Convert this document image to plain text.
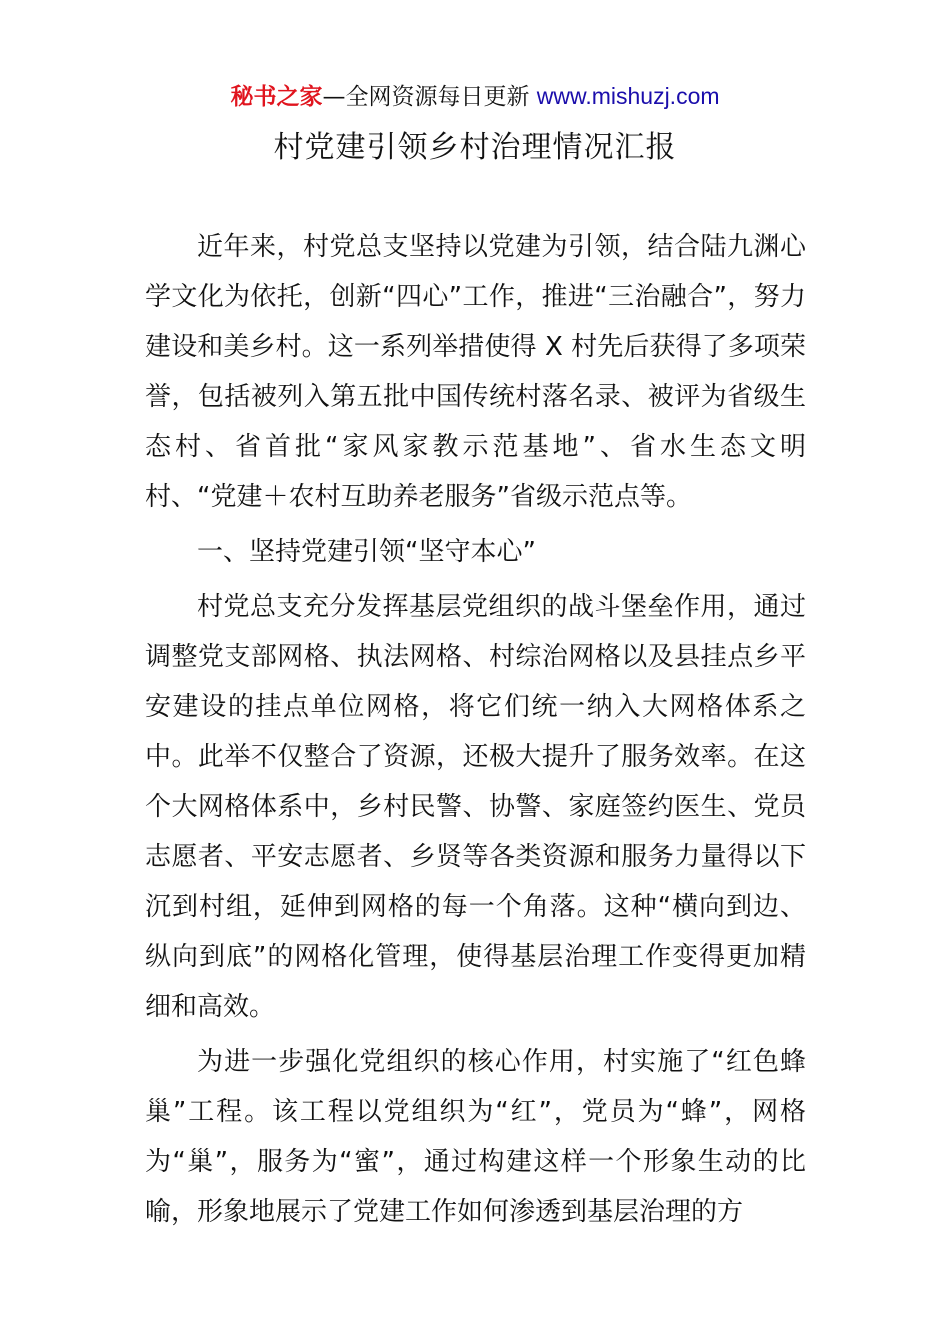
秘书之家—全网资源每日更新 www.mishuzj.com
村党建引领乡村治理情况汇报

近年来，村党总支坚持以党建为引领，结合陆九渊心学文化为依托，创新“四心”工作，推进“三治融合”，努力建设和美乡村。这一系列举措使得 X 村先后获得了多项荣誉，包括被列入第五批中国传统村落名录、被评为省级生态村、省首批“家风家教示范基地”、省水生态文明村、“党建＋农村互助养老服务”省级示范点等。

一、坚持党建引领“坚守本心”

村党总支充分发挥基层党组织的战斗堡垒作用，通过调整党支部网格、执法网格、村综治网格以及县挂点乡平安建设的挂点单位网格，将它们统一纳入大网格体系之中。此举不仅整合了资源，还极大提升了服务效率。在这个大网格体系中，乡村民警、协警、家庭签约医生、党员志愿者、平安志愿者、乡贤等各类资源和服务力量得以下沉到村组，延伸到网格的每一个角落。这种“横向到边、纵向到底”的网格化管理，使得基层治理工作变得更加精细和高效。

为进一步强化党组织的核心作用，村实施了“红色蜂巢”工程。该工程以党组织为“红”，党员为“蜂”，网格为“巢”，服务为“蜜”，通过构建这样一个形象生动的比喻，形象地展示了党建工作如何渗透到基层治理的方
